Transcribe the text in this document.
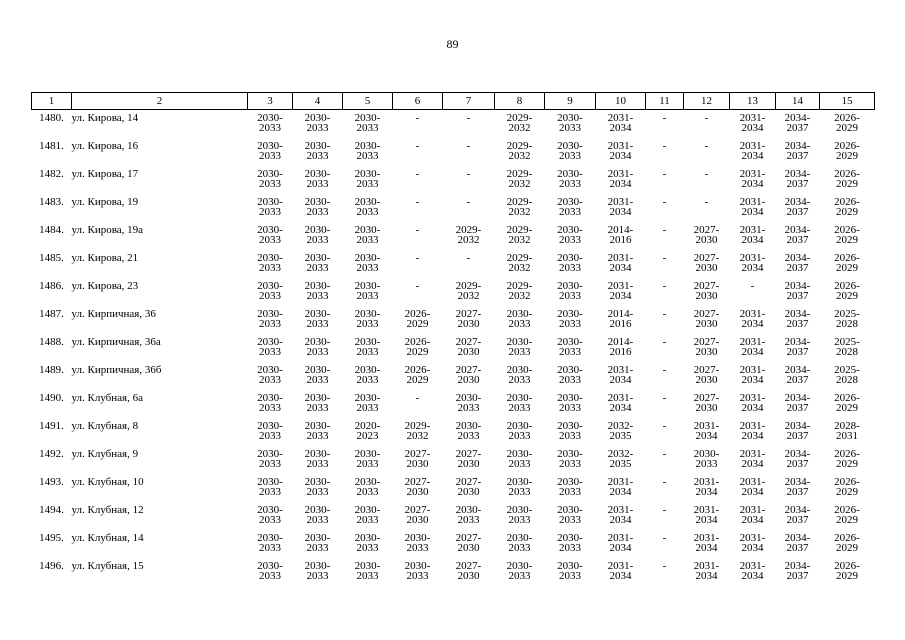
89
1	2	3	4	5	6	7	8	9	10	11	12	13	14	15
1480.	ул. Кирова, 14	2030-
2033	2030-
2033	2030-
2033	-	-	2029-
2032	2030-
2033	2031-
2034	-	-	2031-
2034	2034-
2037	2026-
2029

1481.	ул. Кирова, 16	2030-
2033	2030-
2033	2030-
2033	-	-	2029-
2032	2030-
2033	2031-
2034	-	-	2031-
2034	2034-
2037	2026-
2029

1482.	ул. Кирова, 17	2030-
2033	2030-
2033	2030-
2033	-	-	2029-
2032	2030-
2033	2031-
2034	-	-	2031-
2034	2034-
2037	2026-
2029

1483.	ул. Кирова, 19	2030-
2033	2030-
2033	2030-
2033	-	-	2029-
2032	2030-
2033	2031-
2034	-	-	2031-
2034	2034-
2037	2026-
2029

1484.	ул. Кирова, 19а	2030-
2033	2030-
2033	2030-
2033	-	2029-
2032	2029-
2032	2030-
2033	2014-
2016	-	2027-
2030	2031-
2034	2034-
2037	2026-
2029

1485.	ул. Кирова, 21	2030-
2033	2030-
2033	2030-
2033	-	-	2029-
2032	2030-
2033	2031-
2034	-	2027-
2030	2031-
2034	2034-
2037	2026-
2029

1486.	ул. Кирова, 23	2030-
2033	2030-
2033	2030-
2033	-	2029-
2032	2029-
2032	2030-
2033	2031-
2034	-	2027-
2030	-	2034-
2037	2026-
2029

1487.	ул. Кирпичная, 36	2030-
2033	2030-
2033	2030-
2033	2026-
2029	2027-
2030	2030-
2033	2030-
2033	2014-
2016	-	2027-
2030	2031-
2034	2034-
2037	2025-
2028

1488.	ул. Кирпичная, 36а	2030-
2033	2030-
2033	2030-
2033	2026-
2029	2027-
2030	2030-
2033	2030-
2033	2014-
2016	-	2027-
2030	2031-
2034	2034-
2037	2025-
2028

1489.	ул. Кирпичная, 36б	2030-
2033	2030-
2033	2030-
2033	2026-
2029	2027-
2030	2030-
2033	2030-
2033	2031-
2034	-	2027-
2030	2031-
2034	2034-
2037	2025-
2028

1490.	ул. Клубная, 6а	2030-
2033	2030-
2033	2030-
2033	-	2030-
2033	2030-
2033	2030-
2033	2031-
2034	-	2027-
2030	2031-
2034	2034-
2037	2026-
2029

1491.	ул. Клубная, 8	2030-
2033	2030-
2033	2020-
2023	2029-
2032	2030-
2033	2030-
2033	2030-
2033	2032-
2035	-	2031-
2034	2031-
2034	2034-
2037	2028-
2031

1492.	ул. Клубная, 9	2030-
2033	2030-
2033	2030-
2033	2027-
2030	2027-
2030	2030-
2033	2030-
2033	2032-
2035	-	2030-
2033	2031-
2034	2034-
2037	2026-
2029

1493.	ул. Клубная, 10	2030-
2033	2030-
2033	2030-
2033	2027-
2030	2027-
2030	2030-
2033	2030-
2033	2031-
2034	-	2031-
2034	2031-
2034	2034-
2037	2026-
2029

1494.	ул. Клубная, 12	2030-
2033	2030-
2033	2030-
2033	2027-
2030	2030-
2033	2030-
2033	2030-
2033	2031-
2034	-	2031-
2034	2031-
2034	2034-
2037	2026-
2029

1495.	ул. Клубная, 14	2030-
2033	2030-
2033	2030-
2033	2030-
2033	2027-
2030	2030-
2033	2030-
2033	2031-
2034	-	2031-
2034	2031-
2034	2034-
2037	2026-
2029

1496.	ул. Клубная, 15	2030-
2033	2030-
2033	2030-
2033	2030-
2033	2027-
2030	2030-
2033	2030-
2033	2031-
2034	-	2031-
2034	2031-
2034	2034-
2037	2026-
2029
